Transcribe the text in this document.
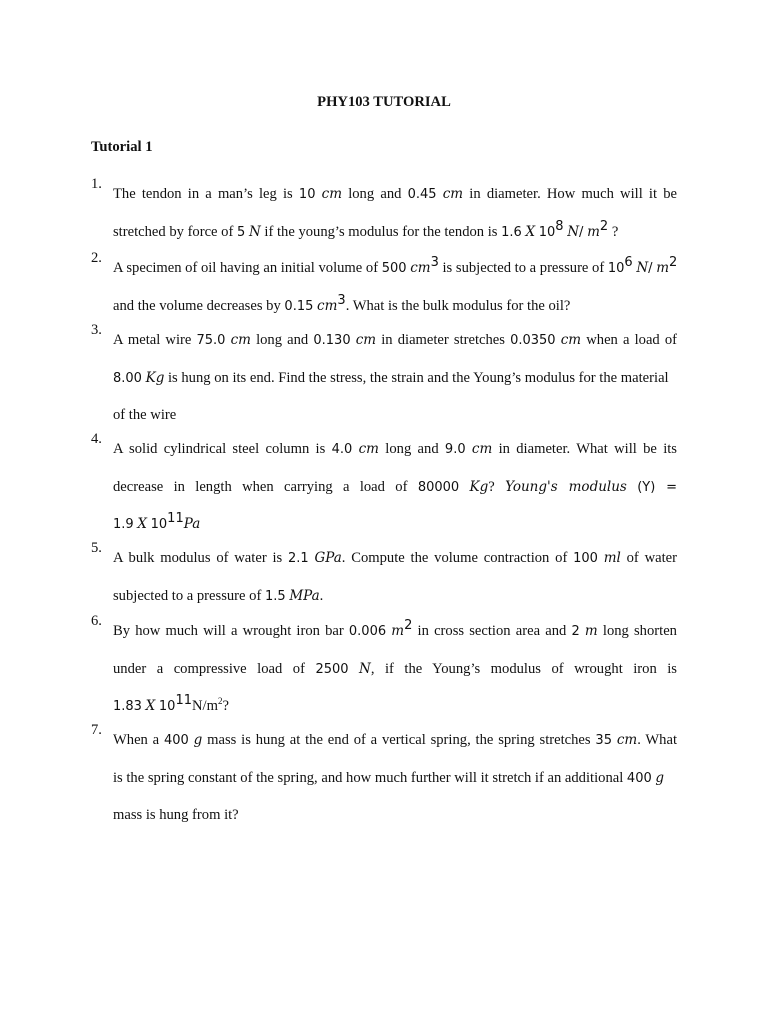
PHY103 TUTORIAL
Tutorial 1
1.
The tendon in a man’s leg is 10 cm long and 0.45 cm in diameter. How much will it be
stretched by force of 5 N if the young’s modulus for the tendon is 1.6 X $10^8$ N/ $m^2$ ?
2.
A specimen of oil having an initial volume of 500 $cm^3$ is subjected to a pressure of $10^6$ N/ $m^2$
and the volume decreases by 0.15 $cm^3$. What is the bulk modulus for the oil?
3.
A metal wire 75.0 cm long and 0.130 cm in diameter stretches 0.0350 cm when a load of
8.00 Kg is hung on its end. Find the stress, the strain and the Young’s modulus for the material
of the wire
4.
A solid cylindrical steel column is 4.0 cm long and 9.0 cm in diameter. What will be its
decrease in length when carrying a load of 80000 Kg? Young's modulus (Y) =
1.9 X $10^{11}Pa$
5.
A bulk modulus of water is 2.1 GPa. Compute the volume contraction of 100 ml of water
subjected to a pressure of 1.5 MPa.
6.
By how much will a wrought iron bar 0.006 $m^2$ in cross section area and 2 m long shorten
under a compressive load of 2500 N, if the Young’s modulus of wrought iron is
1.83 X $10^{11}N/m^2$?
7.
When a 400 g mass is hung at the end of a vertical spring, the spring stretches 35 cm. What
is the spring constant of the spring, and how much further will it stretch if an additional 400 g
mass is hung from it?
